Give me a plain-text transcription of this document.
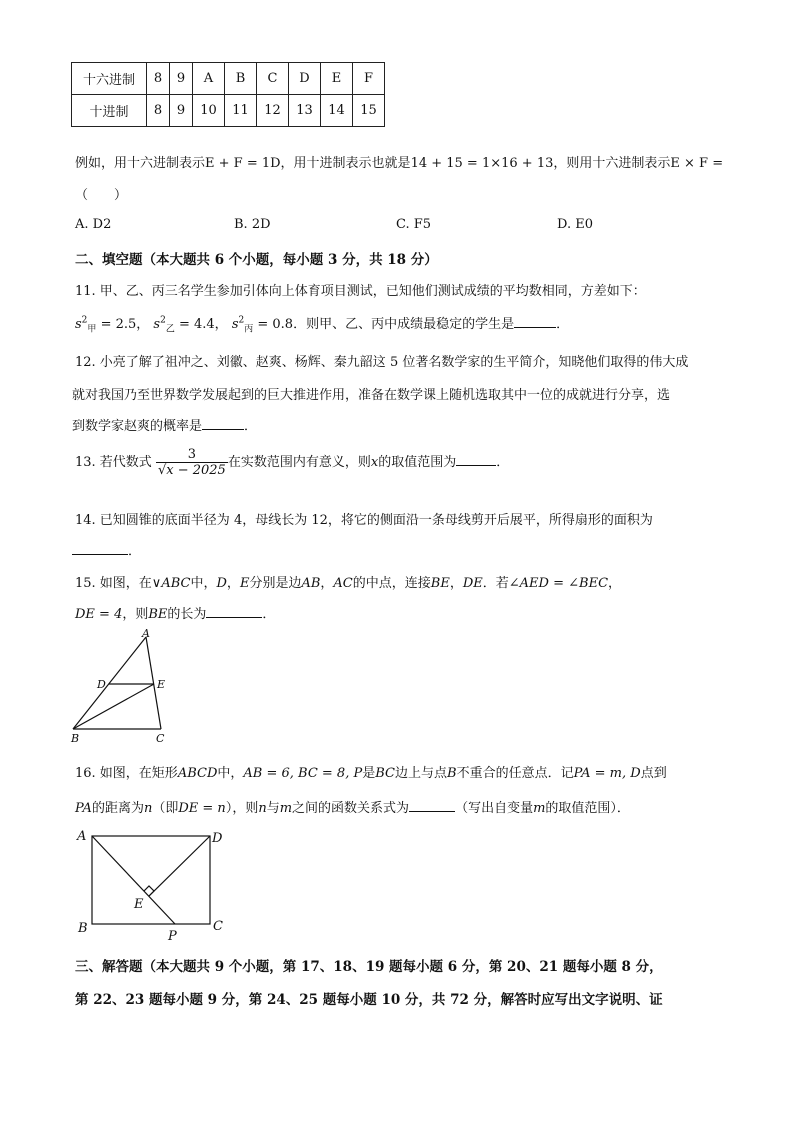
十六进制	8	9	A	B	C	D	E	F
十进制	8	9	10	11	12	13	14	15
例如，用十六进制表示E + F = 1D，用十进制表示也就是14 + 15 = 1×16 + 13，则用十六进制表示E × F =
（　　）
A. D2	B. 2D	C. F5	D. E0
二、填空题（本大题共 6 个小题，每小题 3 分，共 18 分）
11. 甲、乙、丙三名学生参加引体向上体育项目测试，已知他们测试成绩的平均数相同，方差如下：
$s^2_甲 = 2.5$， $s^2_乙 = 4.4$， $s^2_丙 = 0.8$．则甲、乙、丙中成绩最稳定的学生是	．
12. 小亮了解了祖冲之、刘徽、赵爽、杨辉、秦九韶这 5 位著名数学家的生平简介，知晓他们取得的伟大成
就对我国乃至世界数学发展起到的巨大推进作用，准备在数学课上随机选取其中一位的成就进行分享，选
到数学家赵爽的概率是	．
13. 若代数式 $\frac{3}{√x - 2025}$ 在实数范围内有意义，则x的取值范围为	．
14. 已知圆锥的底面半径为 4，母线长为 12，将它的侧面沿一条母线剪开后展平，所得扇形的面积为
．
15. 如图，在∨ABC中，D，E分别是边AB，AC的中点，连接BE，DE．若∠AED = ∠BEC，
DE = 4，则BE的长为	．
A
D	E
B	C
16. 如图，在矩形ABCD中，AB = 6, BC = 8, P是BC边上与点B不重合的任意点．记PA = m, D点到
PA的距离为n（即DE = n），则n与m之间的函数关系式为	（写出自变量m的取值范围）．
A	D
E
B	C
P
三、解答题（本大题共 9 个小题，第 17、18、19 题每小题 6 分，第 20、21 题每小题 8 分，
第 22、23 题每小题 9 分，第 24、25 题每小题 10 分，共 72 分，解答时应写出文字说明、证
